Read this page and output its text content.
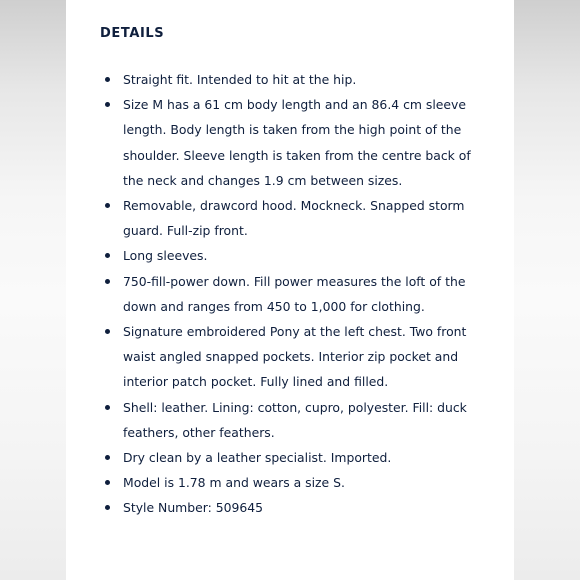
DETAILS
Straight fit. Intended to hit at the hip.
Size M has a 61 cm body length and an 86.4 cm sleeve length. Body length is taken from the high point of the shoulder. Sleeve length is taken from the centre back of the neck and changes 1.9 cm between sizes.
Removable, drawcord hood. Mockneck. Snapped storm guard. Full-zip front.
Long sleeves.
750-fill-power down. Fill power measures the loft of the down and ranges from 450 to 1,000 for clothing.
Signature embroidered Pony at the left chest. Two front waist angled snapped pockets. Interior zip pocket and interior patch pocket. Fully lined and filled.
Shell: leather. Lining: cotton, cupro, polyester. Fill: duck feathers, other feathers.
Dry clean by a leather specialist. Imported.
Model is 1.78 m and wears a size S.
Style Number: 509645
